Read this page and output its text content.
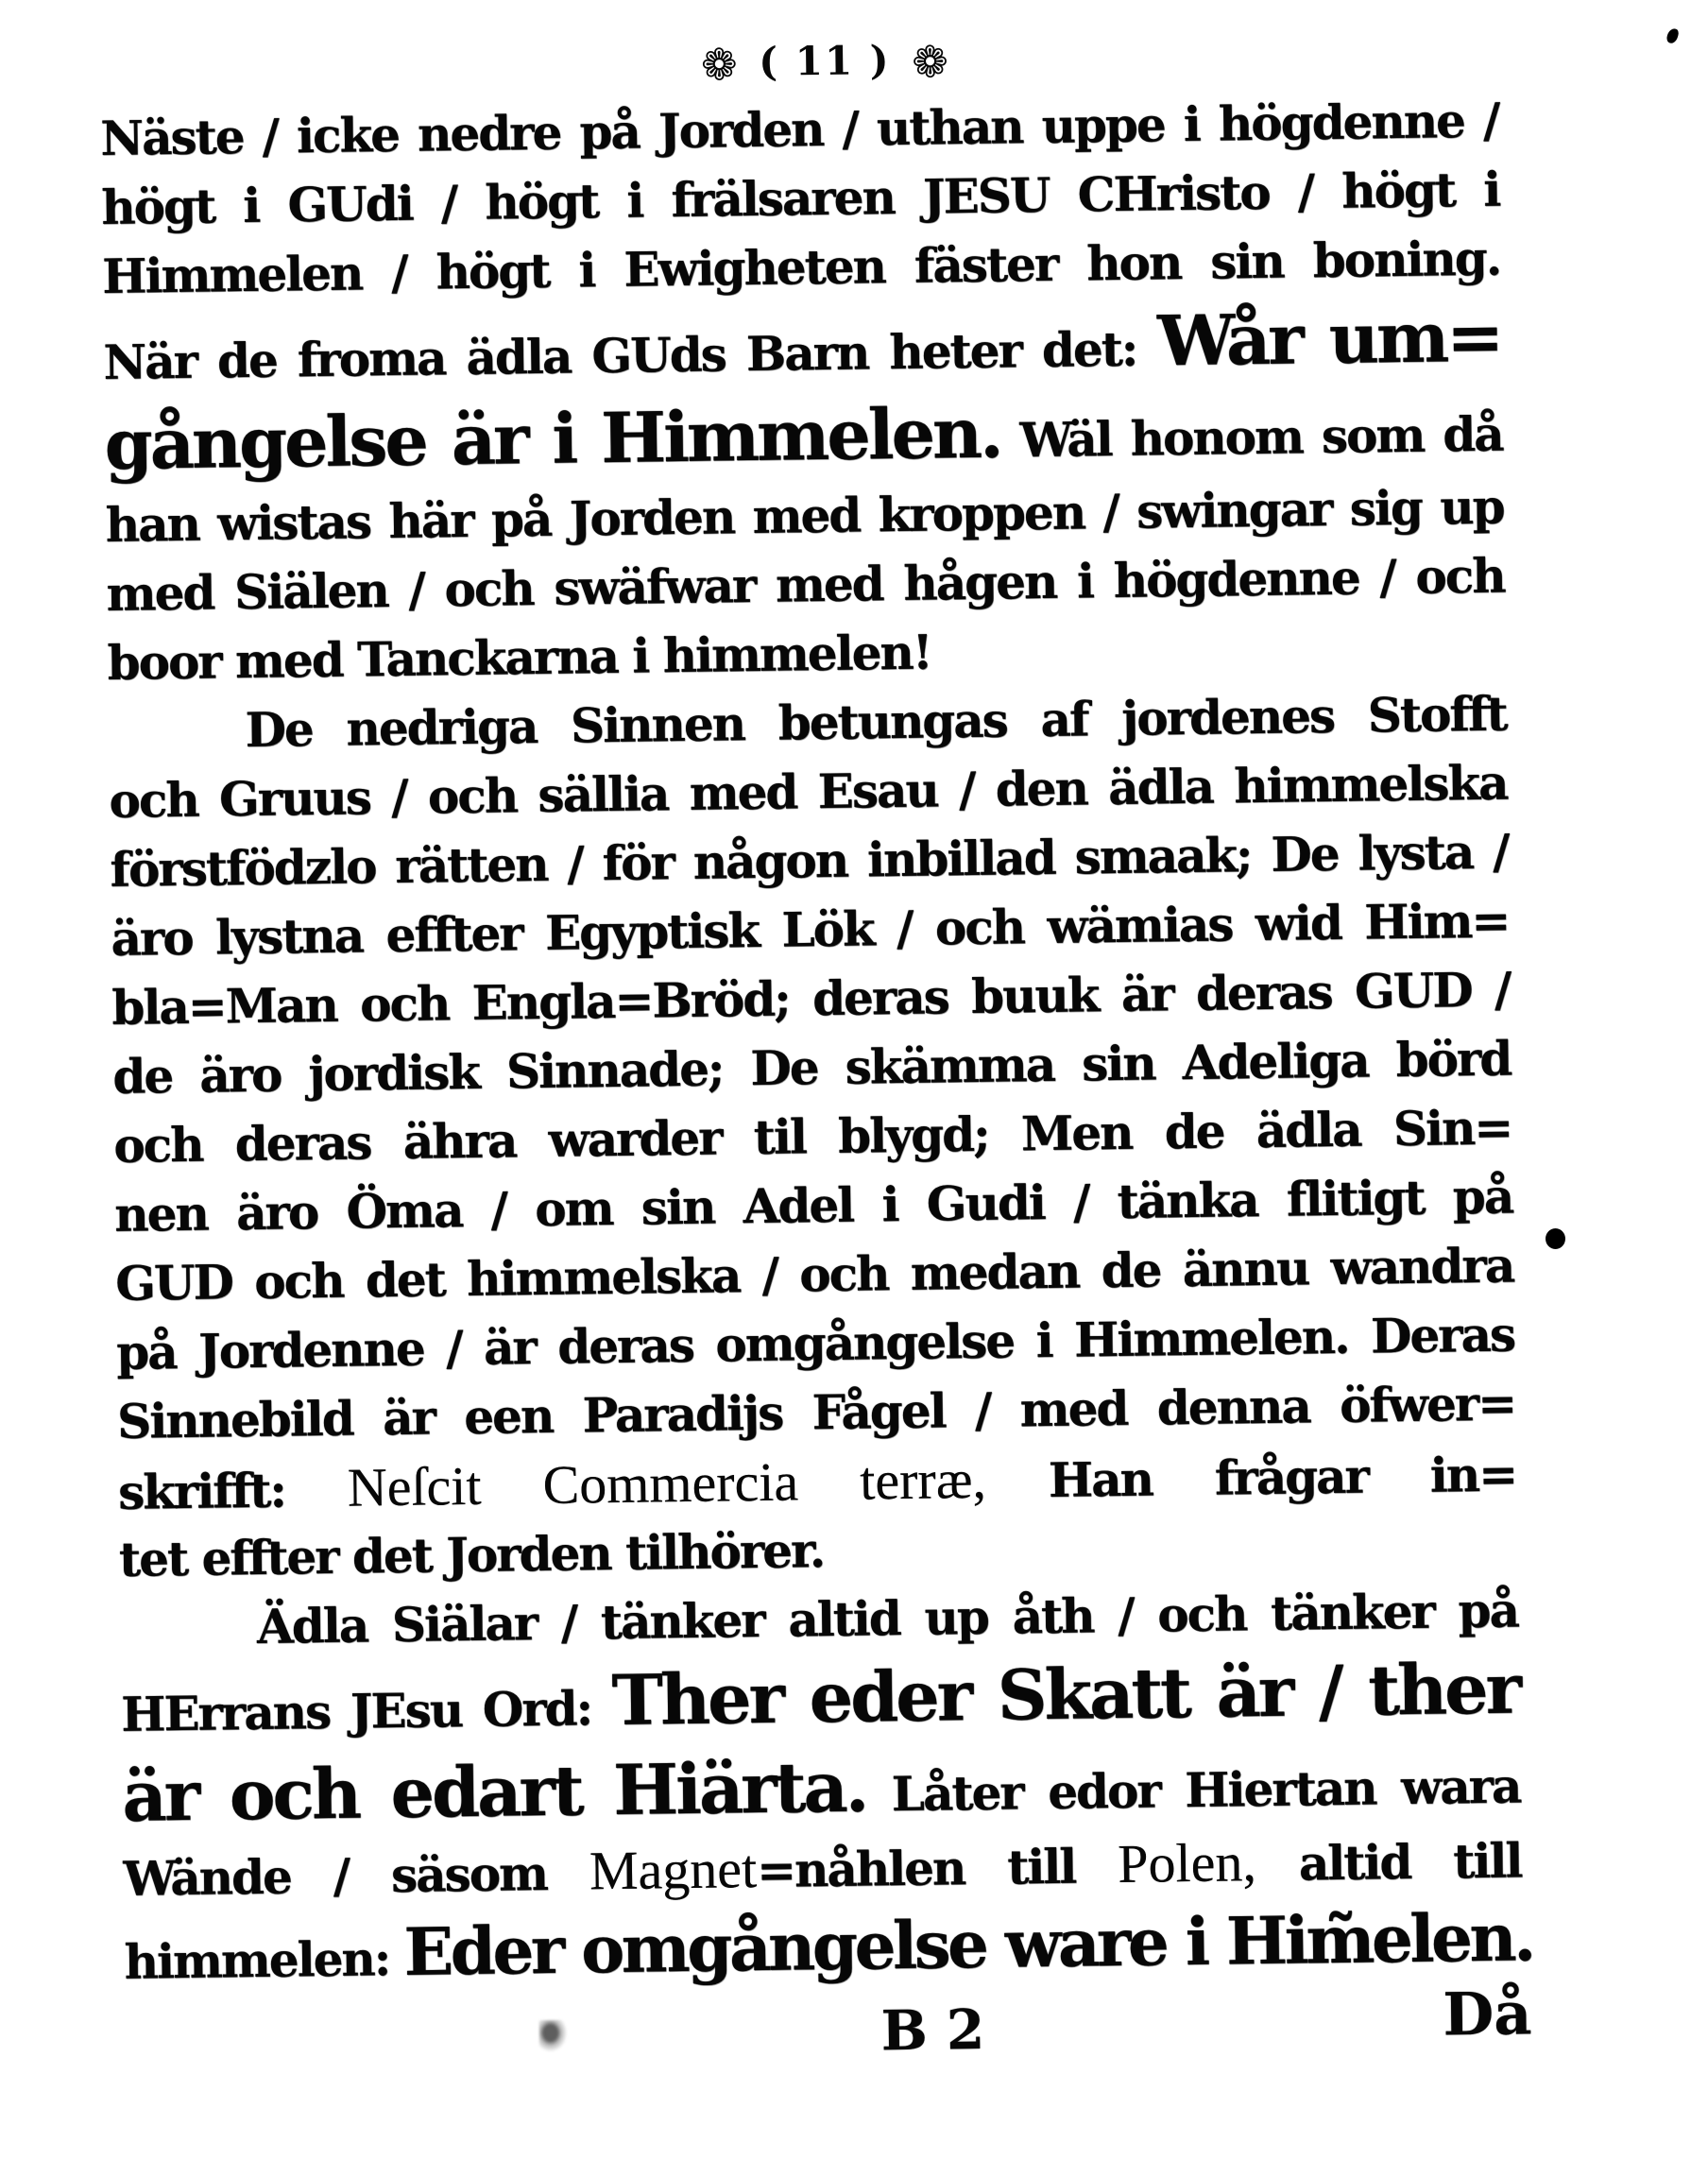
❁ ( 11 ) ❁
Näste / icke nedre på Jorden / uthan uppe i högdenne /
högt i GUdi / högt i frälsaren JESU CHristo / högt i
Himmelen / högt i Ewigheten fäster hon sin boning.
När de froma ädla GUds Barn heter det: Wår um=
gångelse är i Himmelen. Wäl honom som då
han wistas här på Jorden med kroppen / swingar sig up
med Siälen / och swäfwar med hågen i högdenne / och
boor med Tanckarna i himmelen!
De nedriga Sinnen betungas af jordenes Stofft
och Gruus / och sällia med Esau / den ädla himmelska
förstfödzlo rätten / för någon inbillad smaak; De lysta /
äro lystna effter Egyptisk Lök / och wämias wid Him=
bla=Man och Engla=Bröd; deras buuk är deras GUD /
de äro jordisk Sinnade; De skämma sin Adeliga börd
och deras ähra warder til blygd; Men de ädla Sin=
nen äro Öma / om sin Adel i Gudi / tänka flitigt på
GUD och det himmelska / och medan de ännu wandra
på Jordenne / är deras omgångelse i Himmelen. Deras
Sinnebild är een Paradijs Fågel / med denna öfwer=
skrifft: Neſcit Commercia terræ, Han frågar in=
tet effter det Jorden tilhörer.
Ädla Siälar / tänker altid up åth / och tänker på
HErrans JEsu Ord: Ther eder Skatt är / ther
är och edart Hiärta. Låter edor Hiertan wara
Wände / säsom Magnet=nåhlen till Polen, altid till
himmelen: Eder omgångelse ware i Him̃elen.
B 2	Då
